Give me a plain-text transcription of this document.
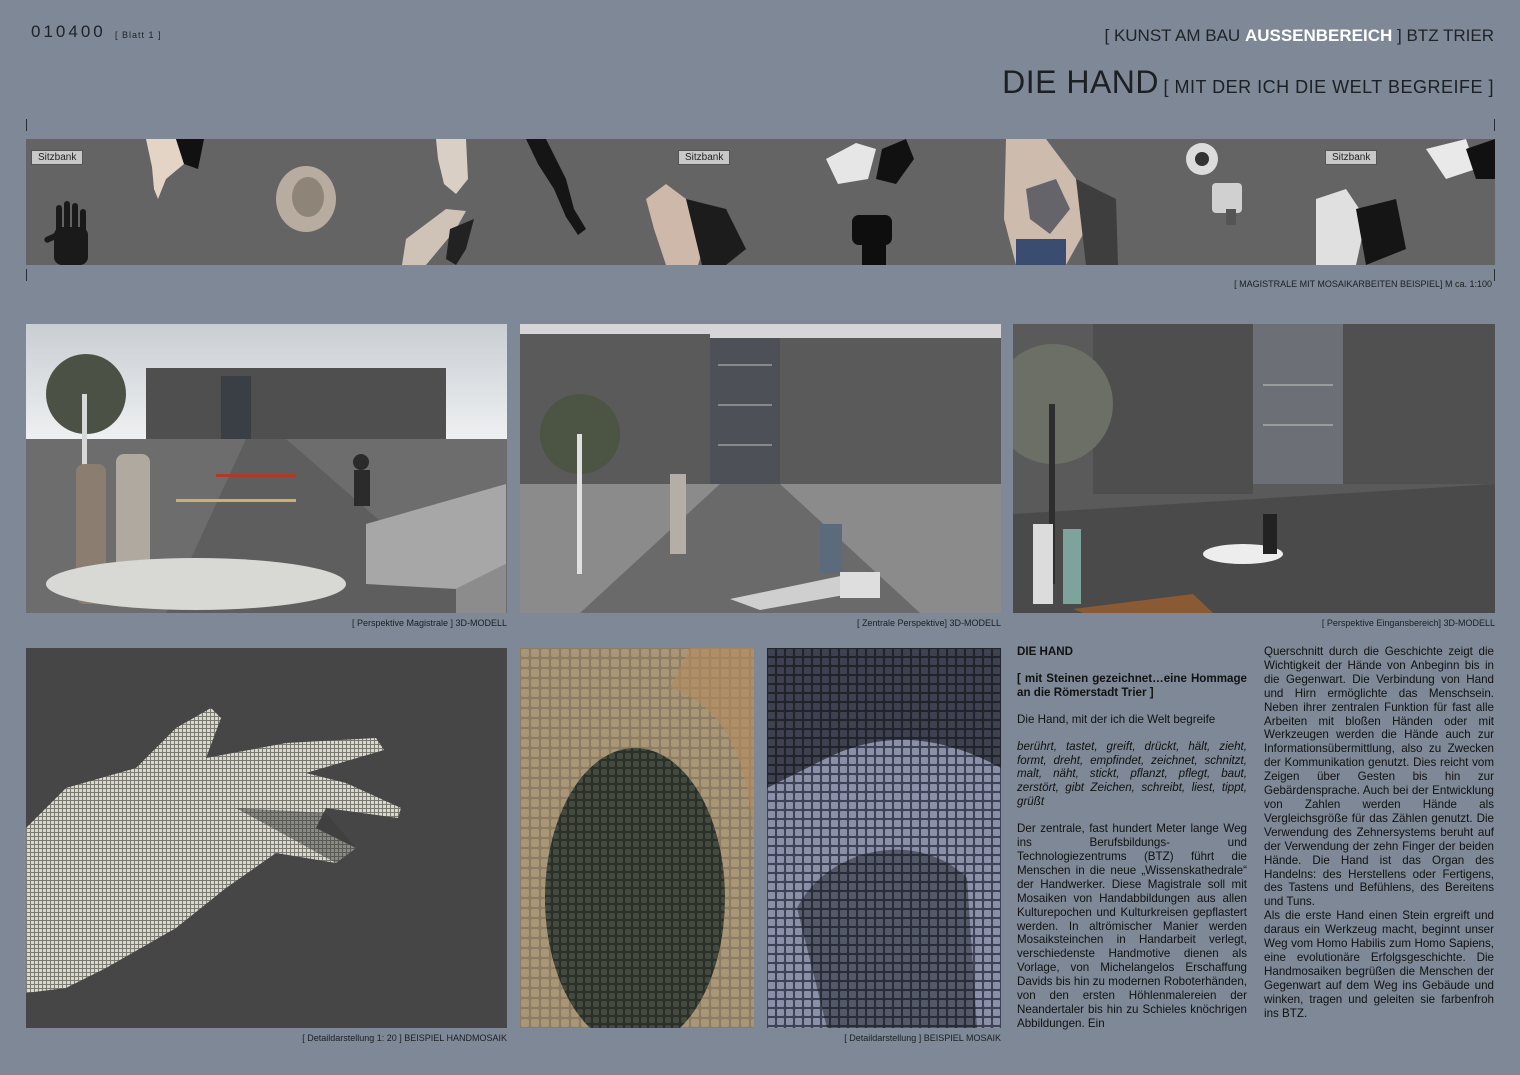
010400 [ Blatt 1 ]	[ KUNST AM BAU AUSSENBEREICH ] BTZ TRIER
DIE HAND [ MIT DER ICH DIE WELT BEGREIFE ]
Sitzbank	Sitzbank	Sitzbank
[ MAGISTRALE MIT MOSAIKARBEITEN BEISPIEL] M ca. 1:100
[ Perspektive Magistrale ] 3D-MODELL	[ Zentrale Perspektive] 3D-MODELL	[ Perspektive Eingansbereich] 3D-MODELL
[ Detaildarstellung 1: 20 ] BEISPIEL HANDMOSAIK	[ Detaildarstellung ] BEISPIEL MOSAIK

DIE HAND

[ mit Steinen gezeichnet…eine Hommage an die Römerstadt Trier ]

Die Hand, mit der ich die Welt begreife

berührt, tastet, greift, drückt, hält, zieht, formt, dreht, empfindet, zeichnet, schnitzt, malt, näht, stickt, pflanzt, pflegt, baut, zerstört, gibt Zeichen, schreibt, liest, tippt, grüßt

Der zentrale, fast hundert Meter lange Weg ins Berufsbildungs- und Technologiezentrums (BTZ) führt die Menschen in die neue „Wissenskathedrale“ der Handwerker. Diese Magistrale soll mit Mosaiken von Handabbildungen aus allen Kulturepochen und Kulturkreisen gepflastert werden. In altrömischer Manier werden Mosaiksteinchen in Handarbeit verlegt, verschiedenste Handmotive dienen als Vorlage, von Michelangelos Erschaffung Davids bis hin zu modernen Roboterhänden, von den ersten Höhlenmalereien der Neandertaler bis hin zu Schieles knöchrigen Abbildungen. Ein

Querschnitt durch die Geschichte zeigt die Wichtigkeit der Hände von Anbeginn bis in die Gegenwart. Die Verbindung von Hand und Hirn ermöglichte das Menschsein. Neben ihrer zentralen Funktion für fast alle Arbeiten mit bloßen Händen oder mit Werkzeugen werden die Hände auch zur Informationsübermittlung, also zu Zwecken der Kommunikation genutzt. Dies reicht vom Zeigen über Gesten bis hin zur Gebärdensprache. Auch bei der Entwicklung von Zahlen werden Hände als Vergleichsgröße für das Zählen genutzt. Die Verwendung des Zehnersystems beruht auf der Verwendung der zehn Finger der beiden Hände. Die Hand ist das Organ des Handelns: des Herstellens oder Fertigens, des Tastens und Befühlens, des Bereitens und Tuns.

Als die erste Hand einen Stein ergreift und daraus ein Werkzeug macht, beginnt unser Weg vom Homo Habilis zum Homo Sapiens, eine evolutionäre Erfolgsgeschichte. Die Handmosaiken begrüßen die Menschen der Gegenwart auf dem Weg ins Gebäude und winken, tragen und geleiten sie farbenfroh ins BTZ.
